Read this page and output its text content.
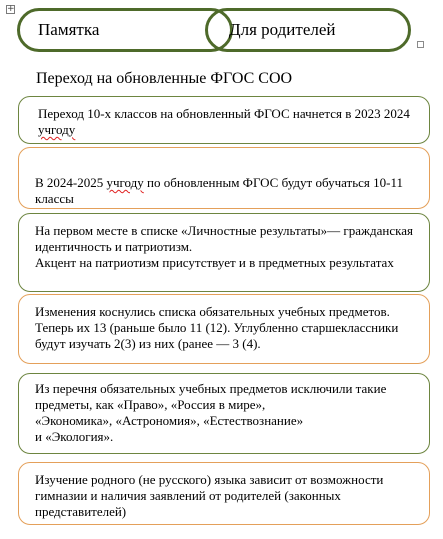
+
Памятка	Для родителей
Переход на обновленные ФГОС СОО
Переход 10-х классов на обновленный ФГОС начнется в 2023 2024 учгоду
В 2024-2025 учгоду по обновленным ФГОС будут обучаться 10-11 классы
На первом месте в списке «Личностные результаты»— гражданская идентичность и патриотизм.
Акцент на патриотизм присутствует и в предметных результатах
Изменения коснулись списка обязательных учебных предметов. Теперь их 13 (раньше было 11 (12). Углубленно старшеклассники будут изучать 2(3) из них (ранее — 3 (4).
Из перечня обязательных учебных предметов исключили такие предметы, как «Право», «Россия в мире»,
«Экономика», «Астрономия», «Естествознание»
и «Экология».
Изучение родного (не русского) языка зависит от возможности гимназии и наличия заявлений от родителей (законных представителей)
